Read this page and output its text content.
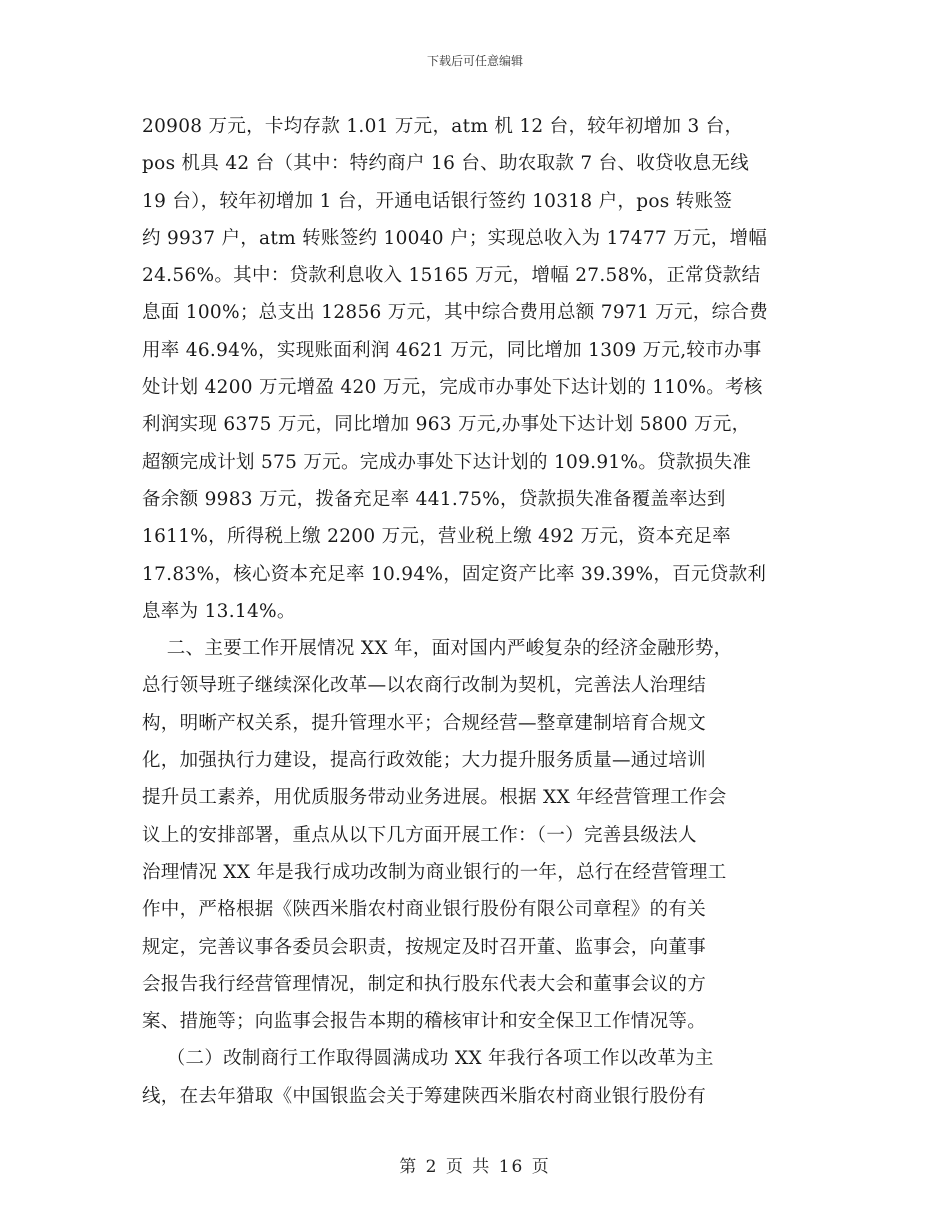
下载后可任意编辑
20908 万元，卡均存款 1.01 万元，atm 机 12 台，较年初增加 3 台，
pos 机具 42 台（其中：特约商户 16 台、助农取款 7 台、收贷收息无线
19 台），较年初增加 1 台，开通电话银行签约 10318 户，pos 转账签
约 9937 户，atm 转账签约 10040 户；实现总收入为 17477 万元，增幅
24.56%。其中：贷款利息收入 15165 万元，增幅 27.58%，正常贷款结
息面 100%；总支出 12856 万元，其中综合费用总额 7971 万元，综合费
用率 46.94%，实现账面利润 4621 万元，同比增加 1309 万元,较市办事
处计划 4200 万元增盈 420 万元，完成市办事处下达计划的 110%。考核
利润实现 6375 万元，同比增加 963 万元,办事处下达计划 5800 万元，
超额完成计划 575 万元。完成办事处下达计划的 109.91%。贷款损失准
备余额 9983 万元，拨备充足率 441.75%，贷款损失准备覆盖率达到
1611%，所得税上缴 2200 万元，营业税上缴 492 万元，资本充足率
17.83%，核心资本充足率 10.94%，固定资产比率 39.39%，百元贷款利
息率为 13.14%。
二、主要工作开展情况 XX 年，面对国内严峻复杂的经济金融形势，
总行领导班子继续深化改革—以农商行改制为契机，完善法人治理结
构，明晰产权关系，提升管理水平；合规经营—整章建制培育合规文
化，加强执行力建设，提高行政效能；大力提升服务质量—通过培训
提升员工素养，用优质服务带动业务进展。根据 XX 年经营管理工作会
议上的安排部署，重点从以下几方面开展工作：（一）完善县级法人
治理情况 XX 年是我行成功改制为商业银行的一年，总行在经营管理工
作中，严格根据《陕西米脂农村商业银行股份有限公司章程》的有关
规定，完善议事各委员会职责，按规定及时召开董、监事会，向董事
会报告我行经营管理情况，制定和执行股东代表大会和董事会议的方
案、措施等；向监事会报告本期的稽核审计和安全保卫工作情况等。
（二）改制商行工作取得圆满成功 XX 年我行各项工作以改革为主
线，在去年猎取《中国银监会关于筹建陕西米脂农村商业银行股份有
第 2 页 共 16 页
